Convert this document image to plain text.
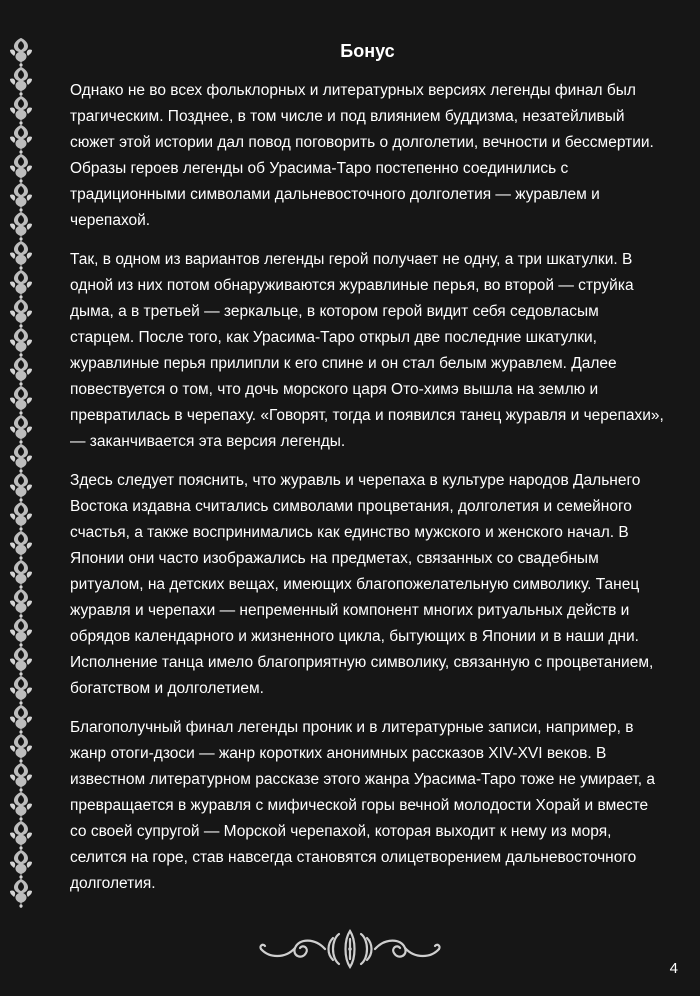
Бонус

Однако не во всех фольклорных и литературных версиях легенды финал был трагическим. Позднее, в том числе и под влиянием буддизма, незатейливый сюжет этой истории дал повод поговорить о долголетии, вечности и бессмертии. Образы героев легенды об Урасима-Таро постепенно соединились с традиционными символами дальневосточного долголетия — журавлем и черепахой.

Так, в одном из вариантов легенды герой получает не одну, а три шкатулки. В одной из них потом обнаруживаются журавлиные перья, во второй — струйка дыма, а в третьей — зеркальце, в котором герой видит себя седовласым старцем. После того, как Урасима-Таро открыл две последние шкатулки, журавлиные перья прилипли к его спине и он стал белым журавлем. Далее повествуется о том, что дочь морского царя Ото-химэ вышла на землю и превратилась в черепаху. «Говорят, тогда и появился танец журавля и черепахи», — заканчивается эта версия легенды.

Здесь следует пояснить, что журавль и черепаха в культуре народов Дальнего Востока издавна считались символами процветания, долголетия и семейного счастья, а также воспринимались как единство мужского и женского начал. В Японии они часто изображались на предметах, связанных со свадебным ритуалом, на детских вещах, имеющих благопожелательную символику. Танец журавля и черепахи — непременный компонент многих ритуальных действ и обрядов календарного и жизненного цикла, бытующих в Японии и в наши дни. Исполнение танца имело благоприятную символику, связанную с процветанием, богатством и долголетием.

Благополучный финал легенды проник и в литературные записи, например, в жанр отоги-дзоси — жанр коротких анонимных рассказов XIV-XVI веков. В известном литературном рассказе этого жанра Урасима-Таро тоже не умирает, а превращается в журавля с мифической горы вечной молодости Хорай и вместе со своей супругой — Морской черепахой, которая выходит к нему из моря, селится на горе, став навсегда становятся олицетворением дальневосточного долголетия.

4
